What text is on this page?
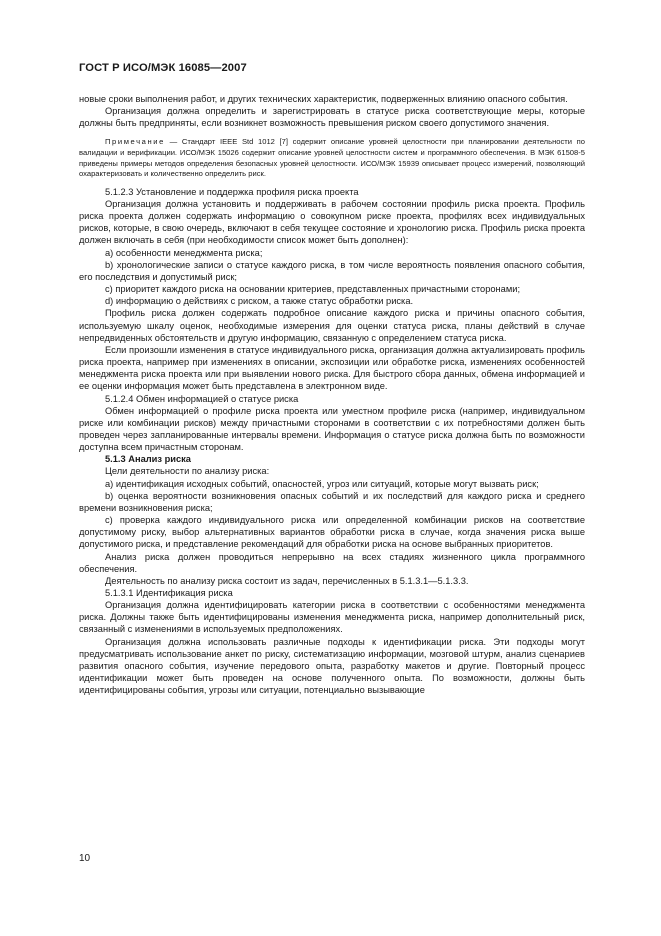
ГОСТ Р ИСО/МЭК 16085—2007

новые сроки выполнения работ, и других технических характеристик, подверженных влиянию опасного события.

Организация должна определить и зарегистрировать в статусе риска соответствующие меры, которые должны быть предприняты, если возникнет возможность превышения риском своего допустимого значения.

Примечание — Стандарт IEEE Std 1012 [7] содержит описание уровней целостности при планировании деятельности по валидации и верификации. ИСО/МЭК 15026 содержит описание уровней целостности систем и программного обеспечения. В МЭК 61508-5 приведены примеры методов определения безопасных уровней целостности. ИСО/МЭК 15939 описывает процесс измерений, позволяющий охарактеризовать и количественно определить риск.

5.1.2.3 Установление и поддержка профиля риска проекта

Организация должна установить и поддерживать в рабочем состоянии профиль риска проекта. Профиль риска проекта должен содержать информацию о совокупном риске проекта, профилях всех индивидуальных рисков, которые, в свою очередь, включают в себя текущее состояние и хронологию риска. Профиль риска проекта должен включать в себя (при необходимости список может быть дополнен):

а) особенности менеджмента риска;

b) хронологические записи о статусе каждого риска, в том числе вероятность появления опасного события, его последствия и допустимый риск;

c) приоритет каждого риска на основании критериев, представленных причастными сторонами;

d) информацию о действиях с риском, а также статус обработки риска.

Профиль риска должен содержать подробное описание каждого риска и причины опасного события, используемую шкалу оценок, необходимые измерения для оценки статуса риска, планы действий в случае непредвиденных обстоятельств и другую информацию, связанную с определением статуса риска.

Если произошли изменения в статусе индивидуального риска, организация должна актуализировать профиль риска проекта, например при изменениях в описании, экспозиции или обработке риска, изменениях особенностей менеджмента риска проекта или при выявлении нового риска. Для быстрого сбора данных, обмена информацией и ее оценки информация может быть представлена в электронном виде.

5.1.2.4 Обмен информацией о статусе риска

Обмен информацией о профиле риска проекта или уместном профиле риска (например, индивидуальном риске или комбинации рисков) между причастными сторонами в соответствии с их потребностями должен быть проведен через запланированные интервалы времени. Информация о статусе риска должна быть по возможности доступна всем причастным сторонам.

5.1.3 Анализ риска

Цели деятельности по анализу риска:

а) идентификация исходных событий, опасностей, угроз или ситуаций, которые могут вызвать риск;

b) оценка вероятности возникновения опасных событий и их последствий для каждого риска и среднего времени возникновения риска;

c) проверка каждого индивидуального риска или определенной комбинации рисков на соответствие допустимому риску, выбор альтернативных вариантов обработки риска в случае, когда значения риска выше допустимого риска, и представление рекомендаций для обработки риска на основе выбранных приоритетов.

Анализ риска должен проводиться непрерывно на всех стадиях жизненного цикла программного обеспечения.

Деятельность по анализу риска состоит из задач, перечисленных в 5.1.3.1—5.1.3.3.

5.1.3.1 Идентификация риска

Организация должна идентифицировать категории риска в соответствии с особенностями менеджмента риска. Должны также быть идентифицированы изменения менеджмента риска, например дополнительный риск, связанный с изменениями в используемых предположениях.

Организация должна использовать различные подходы к идентификации риска. Эти подходы могут предусматривать использование анкет по риску, систематизацию информации, мозговой штурм, анализ сценариев развития опасного события, изучение передового опыта, разработку макетов и другие. Повторный процесс идентификации может быть проведен на основе полученного опыта. По возможности, должны быть идентифицированы события, угрозы или ситуации, потенциально вызывающие

10
